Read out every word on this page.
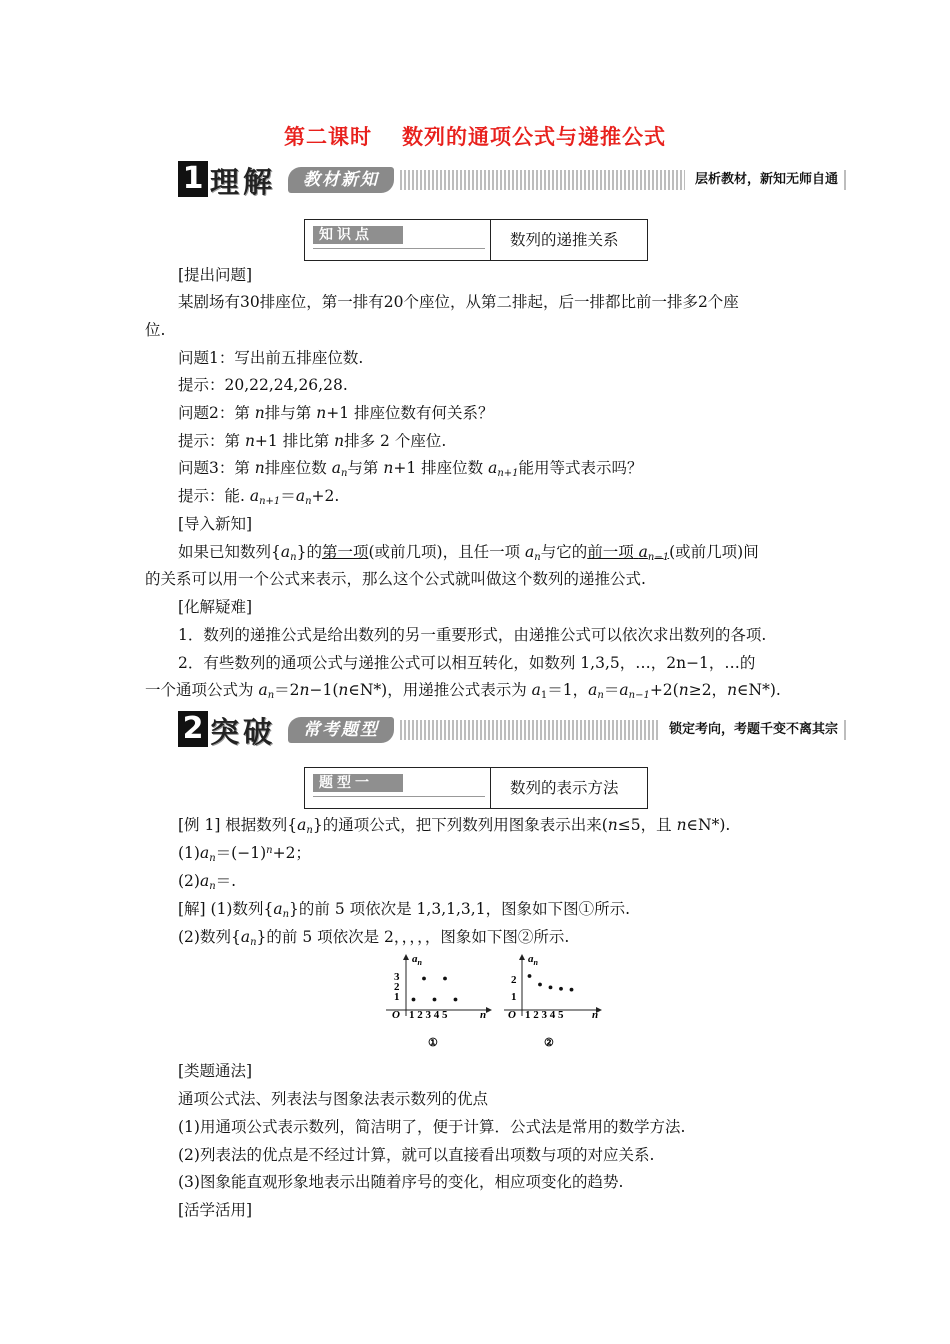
第二课时 数列的通项公式与递推公式
1 理解	教材新知	层析教材，新知无师自通
知识点	数列的递推关系
[提出问题]
某剧场有30排座位，第一排有20个座位，从第二排起，后一排都比前一排多2个座
位.
问题1：写出前五排座位数.
提示：20,22,24,26,28.
问题2：第 n排与第 n+1 排座位数有何关系？
提示：第 n+1 排比第 n排多 2 个座位.
问题3：第 n排座位数 $a_n$与第 n+1 排座位数 $a_{n+1}$能用等式表示吗？
提示：能. $a_{n+1}=a_n+2$.
[导入新知]
如果已知数列$\{a_n\}$的第一项(或前几项)，且任一项 $a_n$与它的前一项 $a_{n-1}$(或前几项)间
的关系可以用一个公式来表示，那么这个公式就叫做这个数列的递推公式.
[化解疑难]
1．数列的递推公式是给出数列的另一重要形式，由递推公式可以依次求出数列的各项.
2．有些数列的通项公式与递推公式可以相互转化，如数列 1,3,5，…，2n−1，…的
一个通项公式为 $a_n=2n-1(n\in N*)$，用递推公式表示为 $a_1=1$，$a_n=a_{n-1}+2(n\ge 2$，n∈N*).
2 突破	常考题型	锁定考向，考题千变不离其宗
题型一	数列的表示方法
[例 1] 根据数列$\{a_n\}$的通项公式，把下列数列用图象表示出来(n≤5，且 n∈N*).
$(1)a_n=(-1)^n+2$；
$(2)a_n=$.
[解] (1)数列$\{a_n\}$的前 5 项依次是 1,3,1,3,1，图象如下图①所示.
(2)数列$\{a_n\}$的前 5 项依次是 2，，，，，图象如下图②所示.
$a_n$
3
2
1
O 1 2 3 4 5	n
①
$a_n$
2
1
O 1 2 3 4 5	n
②
[类题通法]
通项公式法、列表法与图象法表示数列的优点
(1)用通项公式表示数列，简洁明了，便于计算．公式法是常用的数学方法.
(2)列表法的优点是不经过计算，就可以直接看出项数与项的对应关系.
(3)图象能直观形象地表示出随着序号的变化，相应项变化的趋势.
[活学活用]
